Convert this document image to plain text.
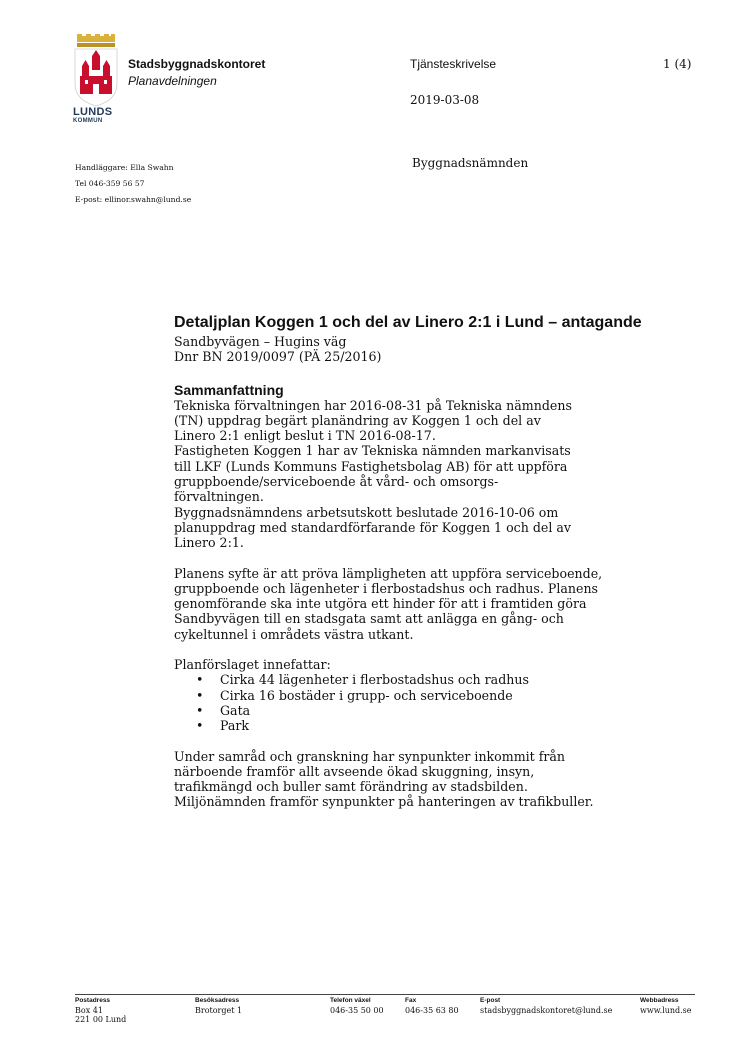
LUNDS
KOMMUN
Stadsbyggnadskontoret
Planavdelningen
Tjänsteskrivelse	1 (4)
2019-03-08
Handläggare: Ella Swahn
Tel 046-359 56 57
E-post: ellinor.swahn@lund.se
Byggnadsnämnden
Detaljplan Koggen 1 och del av Linero 2:1 i Lund – antagande

Sandbyvägen – Hugins väg

Dnr BN 2019/0097 (PÄ 25/2016)

Sammanfattning

Tekniska förvaltningen har 2016-08-31 på Tekniska nämndens

(TN) uppdrag begärt planändring av Koggen 1 och del av

Linero 2:1 enligt beslut i TN 2016-08-17.

Fastigheten Koggen 1 har av Tekniska nämnden markanvisats

till LKF (Lunds Kommuns Fastighetsbolag AB) för att uppföra

gruppboende/serviceboende åt vård- och omsorgs-

förvaltningen.

Byggnadsnämndens arbetsutskott beslutade 2016-10-06 om

planuppdrag med standardförfarande för Koggen 1 och del av

Linero 2:1.

Planens syfte är att pröva lämpligheten att uppföra serviceboende,

gruppboende och lägenheter i flerbostadshus och radhus. Planens

genomförande ska inte utgöra ett hinder för att i framtiden göra

Sandbyvägen till en stadsgata samt att anlägga en gång- och

cykeltunnel i områdets västra utkant.

Planförslaget innefattar:

• Cirka 44 lägenheter i flerbostadshus och radhus
• Cirka 16 bostäder i grupp- och serviceboende
• Gata
• Park

Under samråd och granskning har synpunkter inkommit från

närboende framför allt avseende ökad skuggning, insyn,

trafikmängd och buller samt förändring av stadsbilden.

Miljönämnden framför synpunkter på hanteringen av trafikbuller.

Postadress
Box 41
221 00 Lund
Besöksadress
Brotorget 1
Telefon växel
046-35 50 00
Fax
046-35 63 80
E-post
stadsbyggnadskontoret@lund.se
Webbadress
www.lund.se
